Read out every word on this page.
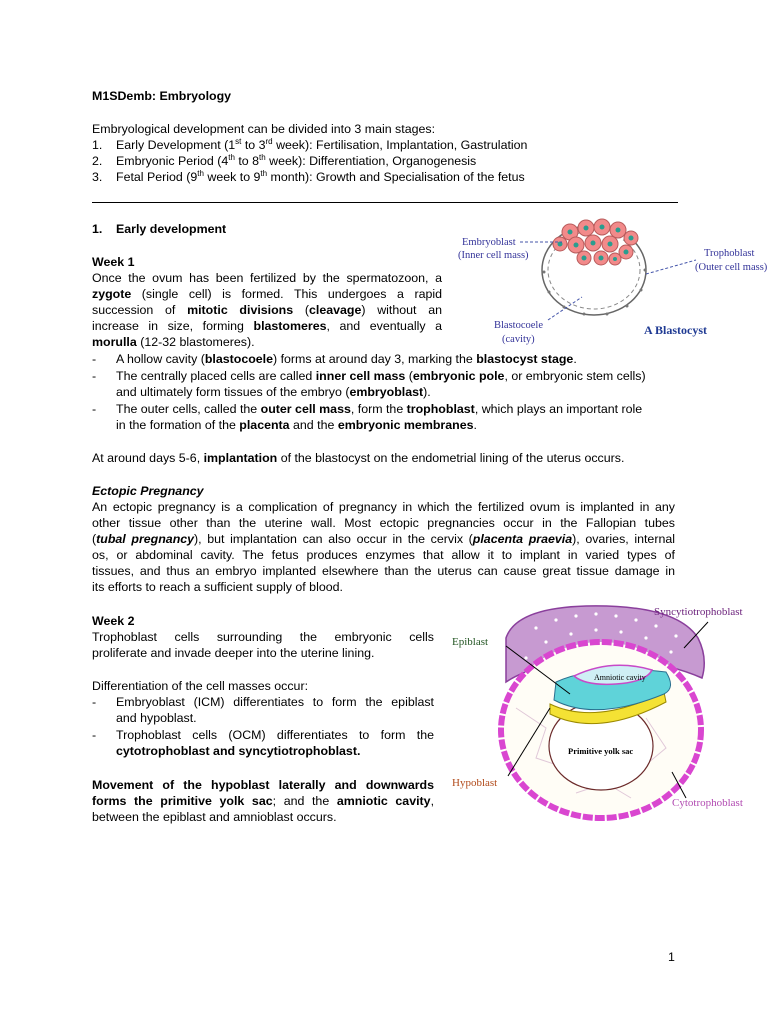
M1SDemb: Embryology
Embryological development can be divided into 3 main stages:
1. Early Development (1st to 3rd week): Fertilisation, Implantation, Gastrulation
2. Embryonic Period (4th to 8th week): Differentiation, Organogenesis
3. Fetal Period (9th week to 9th month): Growth and Specialisation of the fetus
1. Early development
Week 1
Once the ovum has been fertilized by the spermatozoon, a
zygote (single cell) is formed. This undergoes a rapid
succession of mitotic divisions (cleavage) without an
increase in size, forming blastomeres, and eventually a
morulla (12-32 blastomeres).
- A hollow cavity (blastocoele) forms at around day 3, marking the blastocyst stage.
- The centrally placed cells are called inner cell mass (embryonic pole, or embryonic stem cells)
and ultimately form tissues of the embryo (embryoblast).
- The outer cells, called the outer cell mass, form the trophoblast, which plays an important role
in the formation of the placenta and the embryonic membranes.
At around days 5-6, implantation of the blastocyst on the endometrial lining of the uterus occurs.
Ectopic Pregnancy
An ectopic pregnancy is a complication of pregnancy in which the fertilized ovum is implanted in any
other tissue other than the uterine wall. Most ectopic pregnancies occur in the Fallopian tubes
(tubal pregnancy), but implantation can also occur in the cervix (placenta praevia), ovaries, internal
os, or abdominal cavity. The fetus produces enzymes that allow it to implant in varied types of
tissues, and thus an embryo implanted elsewhere than the uterus can cause great tissue damage in
its efforts to reach a sufficient supply of blood.
Week 2
Trophoblast cells surrounding the embryonic cells
proliferate and invade deeper into the uterine lining.
Differentiation of the cell masses occur:
- Embryoblast (ICM) differentiates to form the epiblast
and hypoblast.
- Trophoblast cells (OCM) differentiates to form the
cytotrophoblast and syncytiotrophoblast.
Movement of the hypoblast laterally and downwards
forms the primitive yolk sac; and the amniotic cavity,
between the epiblast and amnioblast occurs.
Embryoblast
(Inner cell mass)	Trophoblast
(Outer cell mass)
Blastocoele
(cavity)
A Blastocyst
Syncytiotrophoblast
Epiblast
Amniotic cavity
Primitive yolk sac
Hypoblast
Cytotrophoblast
1
